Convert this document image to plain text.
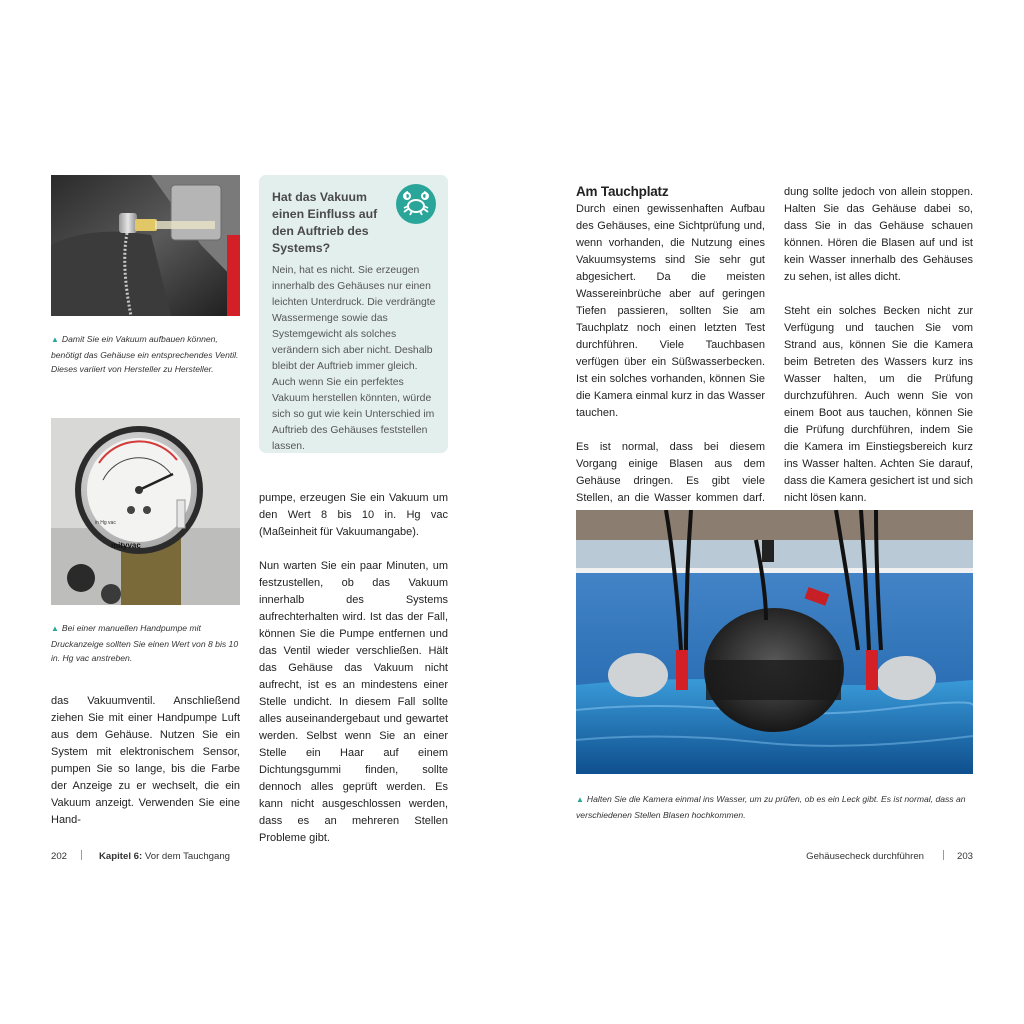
▲ Damit Sie ein Vakuum aufbauen können, benötigt das Gehäuse ein entsprechendes Ventil. Dieses variiert von Hersteller zu Hersteller.
mityvac
in Hg vac
▲ Bei einer manuellen Handpumpe mit Druckanzeige sollten Sie einen Wert von 8 bis 10 in. Hg vac anstreben.
Hat das Vakuum einen Einfluss auf den Auftrieb des Systems?
Nein, hat es nicht. Sie erzeugen innerhalb des Gehäuses nur einen leichten Unterdruck. Die verdrängte Wassermenge sowie das Systemgewicht als solches verändern sich aber nicht. Deshalb bleibt der Auftrieb immer gleich. Auch wenn Sie ein perfektes Vakuum herstellen könnten, würde sich so gut wie kein Unterschied im Auftrieb des Gehäuses feststellen lassen.

das Vakuumventil. Anschließend ziehen Sie mit einer Handpumpe Luft aus dem Gehäuse. Nutzen Sie ein System mit elektronischem Sensor, pumpen Sie so lange, bis die Farbe der Anzeige zu er wechselt, die ein Vakuum anzeigt. Verwenden Sie eine Hand-

pumpe, erzeugen Sie ein Vakuum um den Wert 8 bis 10 in. Hg vac (Maßeinheit für Vakuumangabe).

Nun warten Sie ein paar Minuten, um festzustellen, ob das Vakuum innerhalb des Systems aufrechterhalten wird. Ist das der Fall, können Sie die Pumpe entfernen und das Ventil wieder verschließen. Hält das Gehäuse das Vakuum nicht aufrecht, ist es an mindestens einer Stelle undicht. In diesem Fall sollte alles auseinandergebaut und gewartet werden. Selbst wenn Sie an einer Stelle ein Haar auf einem Dichtungsgummi finden, sollte dennoch alles geprüft werden. Es kann nicht ausgeschlossen werden, dass es an mehreren Stellen Probleme gibt.

202	Kapitel 6: Vor dem Tauchgang
Am Tauchplatz

Durch einen gewissenhaften Aufbau des Gehäuses, eine Sichtprüfung und, wenn vorhanden, die Nutzung eines Vakuumsystems sind Sie sehr gut abgesichert. Da die meisten Wassereinbrüche aber auf geringen Tiefen passieren, sollten Sie am Tauchplatz noch einen letzten Test durchführen. Viele Tauchbasen verfügen über ein Süßwasserbecken. Ist ein solches vorhanden, können Sie die Kamera einmal kurz in das Wasser tauchen.

Es ist normal, dass bei diesem Vorgang einige Blasen aus dem Gehäuse dringen. Es gibt viele Stellen, an die Wasser kommen darf.

dung sollte jedoch von allein stoppen. Halten Sie das Gehäuse dabei so, dass Sie in das Gehäuse schauen können. Hören die Blasen auf und ist kein Wasser innerhalb des Gehäuses zu sehen, ist alles dicht.

Steht ein solches Becken nicht zur Verfügung und tauchen Sie vom Strand aus, können Sie die Kamera beim Betreten des Wassers kurz ins Wasser halten, um die Prüfung durchzuführen. Auch wenn Sie von einem Boot aus tauchen, können Sie die Prüfung durchführen, indem Sie die Kamera im Einstiegsbereich kurz ins Wasser halten. Achten Sie darauf, dass die Kamera gesichert ist und sich nicht lösen kann.

▲ Halten Sie die Kamera einmal ins Wasser, um zu prüfen, ob es ein Leck gibt. Es ist normal, dass an verschiedenen Stellen Blasen hochkommen.
Gehäusecheck durchführen	203
